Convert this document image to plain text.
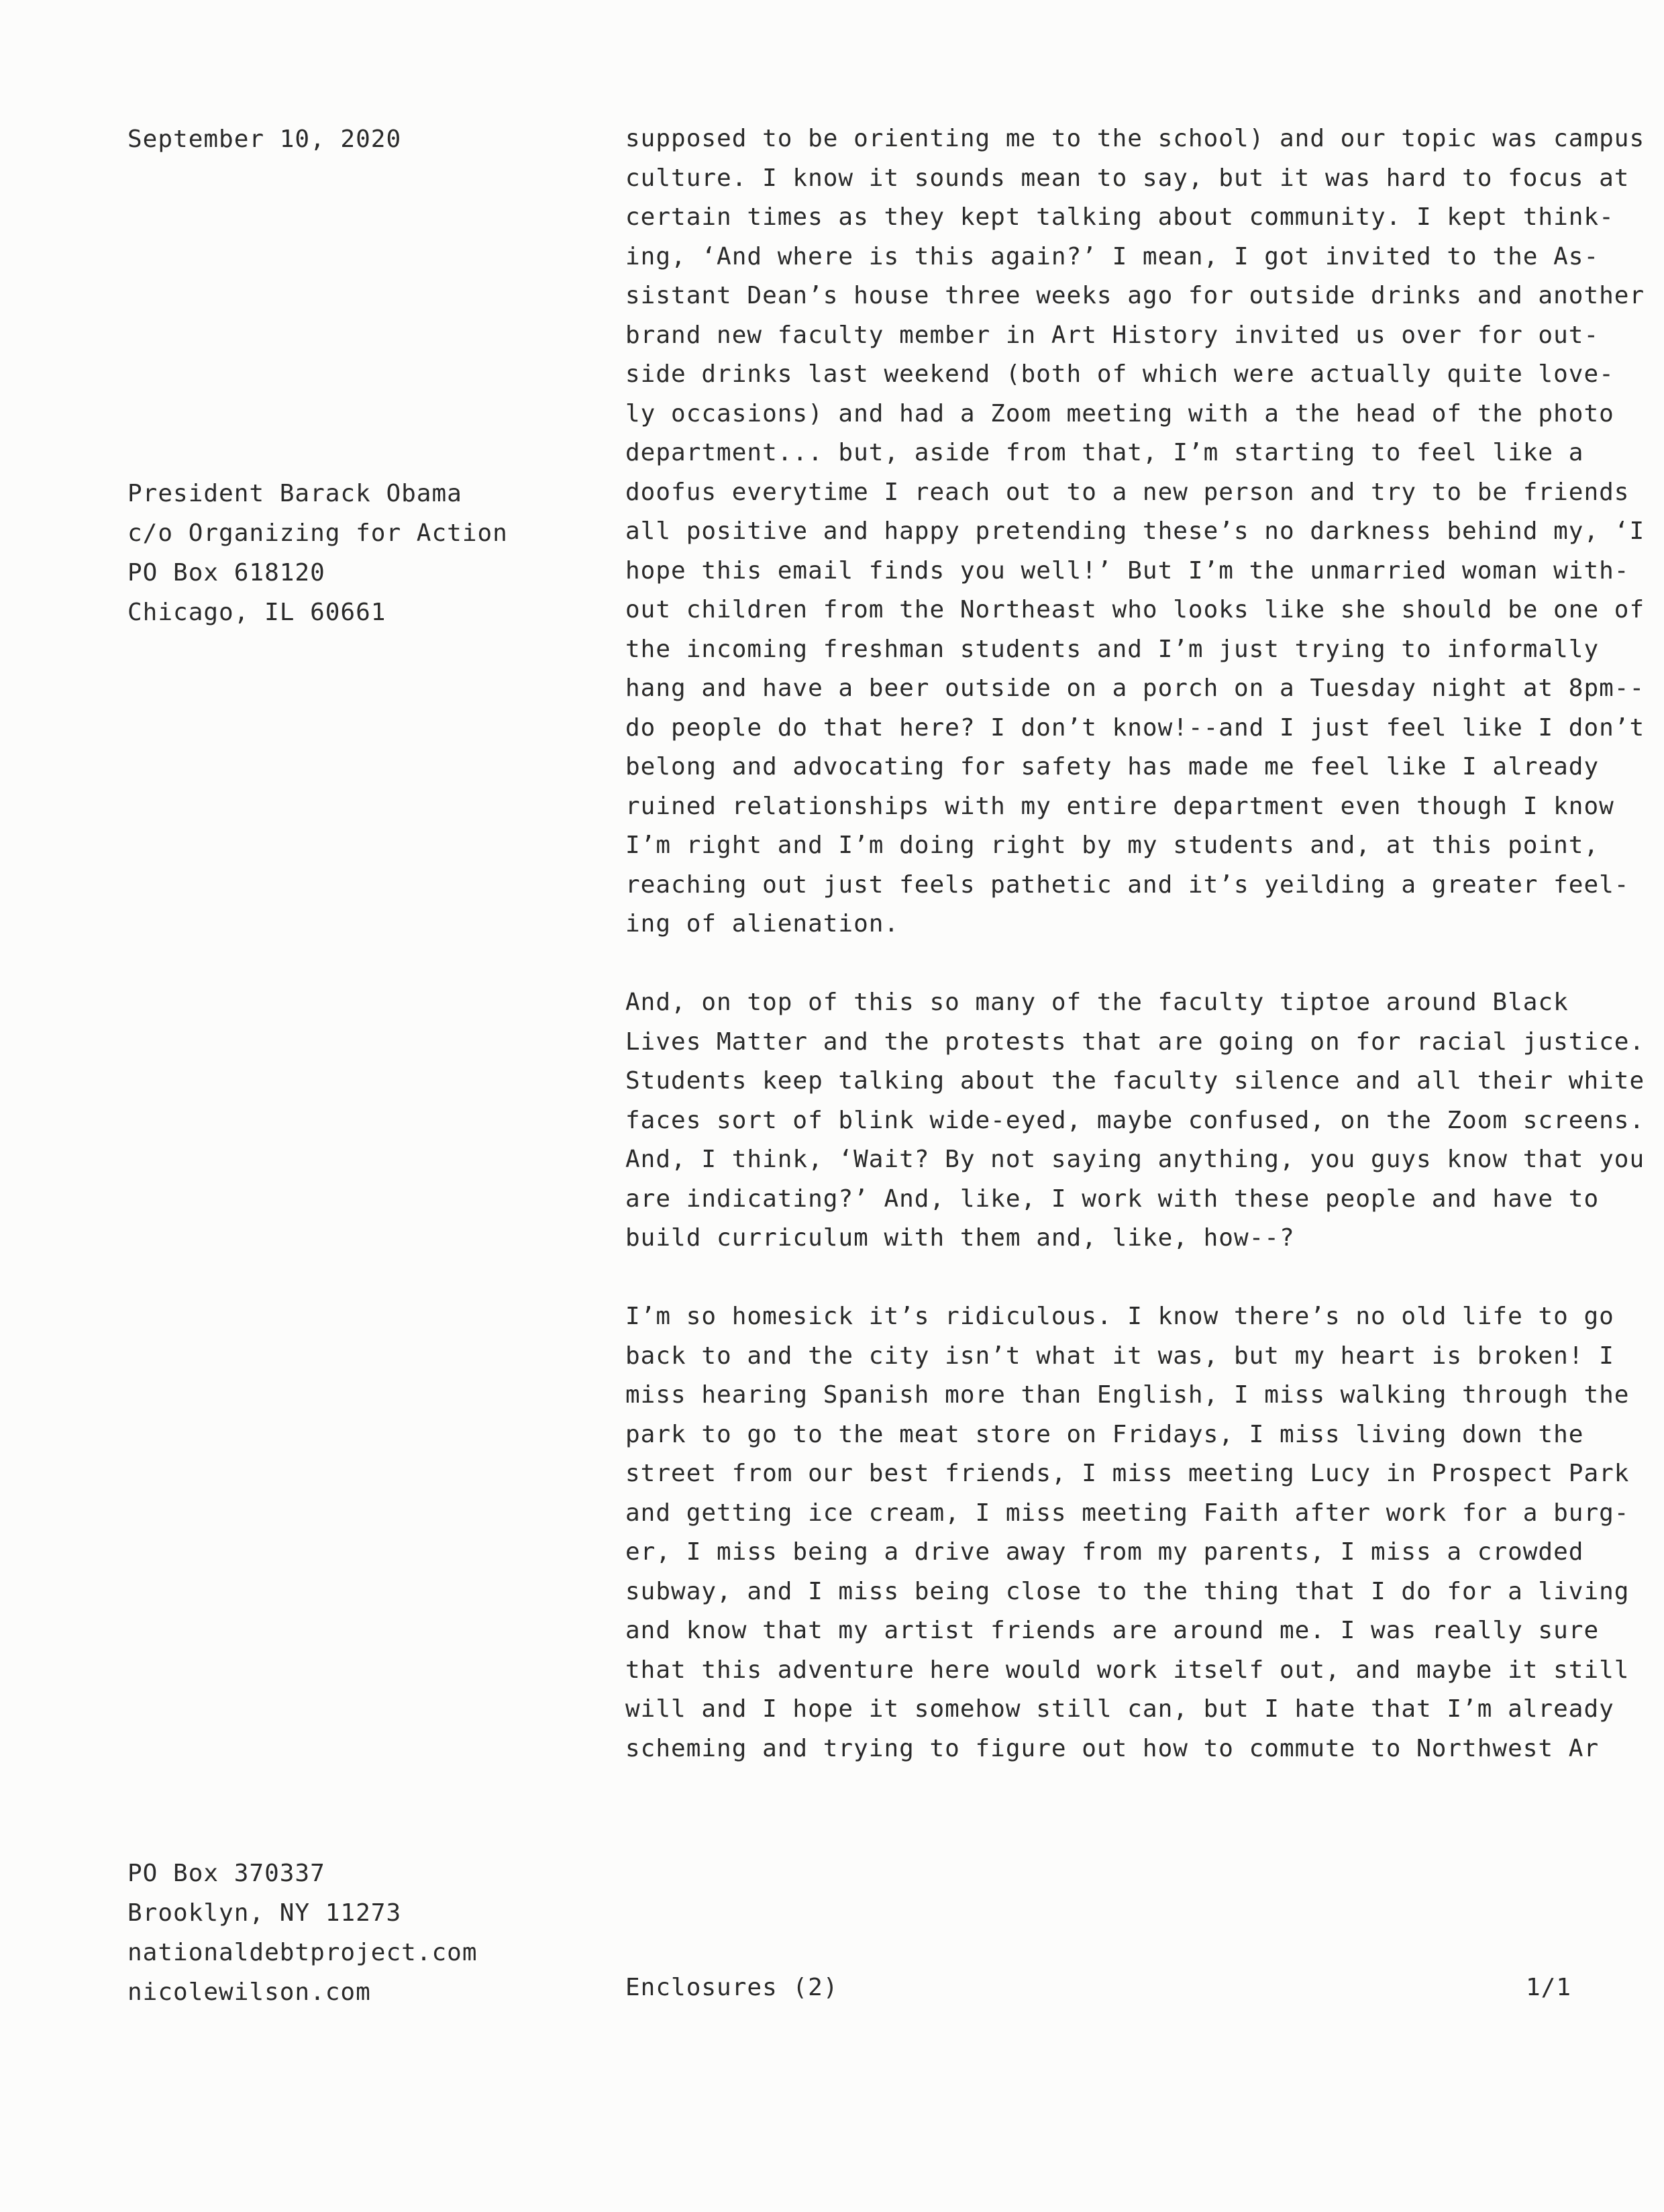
September 10, 2020
President Barack Obama
c/o Organizing for Action
PO Box 618120
Chicago, IL 60661
supposed to be orienting me to the school) and our topic was campus
culture. I know it sounds mean to say, but it was hard to focus at
certain times as they kept talking about community. I kept think-
ing, ‘And where is this again?’ I mean, I got invited to the As-
sistant Dean’s house three weeks ago for outside drinks and another
brand new faculty member in Art History invited us over for out-
side drinks last weekend (both of which were actually quite love-
ly occasions) and had a Zoom meeting with a the head of the photo
department... but, aside from that, I’m starting to feel like a
doofus everytime I reach out to a new person and try to be friends
all positive and happy pretending these’s no darkness behind my, ‘I
hope this email finds you well!’ But I’m the unmarried woman with-
out children from the Northeast who looks like she should be one of
the incoming freshman students and I’m just trying to informally
hang and have a beer outside on a porch on a Tuesday night at 8pm--
do people do that here? I don’t know!--and I just feel like I don’t
belong and advocating for safety has made me feel like I already
ruined relationships with my entire department even though I know
I’m right and I’m doing right by my students and, at this point,
reaching out just feels pathetic and it’s yeilding a greater feel-
ing of alienation.
And, on top of this so many of the faculty tiptoe around Black
Lives Matter and the protests that are going on for racial justice.
Students keep talking about the faculty silence and all their white
faces sort of blink wide-eyed, maybe confused, on the Zoom screens.
And, I think, ‘Wait? By not saying anything, you guys know that you
are indicating?’ And, like, I work with these people and have to
build curriculum with them and, like, how--?
I’m so homesick it’s ridiculous. I know there’s no old life to go
back to and the city isn’t what it was, but my heart is broken! I
miss hearing Spanish more than English, I miss walking through the
park to go to the meat store on Fridays, I miss living down the
street from our best friends, I miss meeting Lucy in Prospect Park
and getting ice cream, I miss meeting Faith after work for a burg-
er, I miss being a drive away from my parents, I miss a crowded
subway, and I miss being close to the thing that I do for a living
and know that my artist friends are around me. I was really sure
that this adventure here would work itself out, and maybe it still
will and I hope it somehow still can, but I hate that I’m already
scheming and trying to figure out how to commute to Northwest Ar
PO Box 370337
Brooklyn, NY 11273
nationaldebtproject.com
nicolewilson.com	Enclosures (2)	1/1
